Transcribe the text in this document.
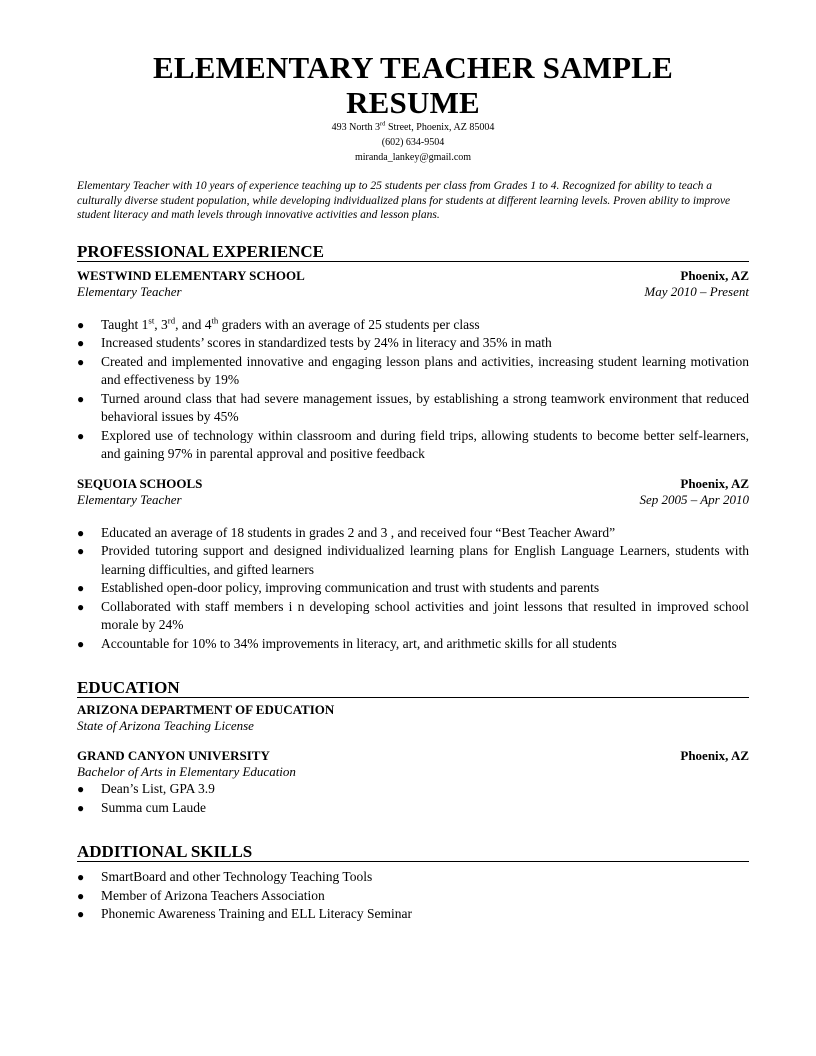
ELEMENTARY TEACHER SAMPLE
RESUME
493 North 3rd Street, Phoenix, AZ 85004
(602) 634-9504
miranda_lankey@gmail.com
Elementary Teacher with 10 years of experience teaching up to 25 students per class from Grades 1 to 4. Recognized for ability to teach a culturally diverse student population, while developing individualized plans for students at different learning levels. Proven ability to improve student literacy and math levels through innovative activities and lesson plans.
PROFESSIONAL EXPERIENCE
WESTWIND ELEMENTARY SCHOOL	Phoenix, AZ
Elementary Teacher	May 2010 – Present
● Taught 1st, 3rd, and 4th graders with an average of 25 students per class
● Increased students’ scores in standardized tests by 24% in literacy and 35% in math
● Created and implemented innovative and engaging lesson plans and activities, increasing student learning motivation and effectiveness by 19%
● Turned around class that had severe management issues, by establishing a strong teamwork environment that reduced behavioral issues by 45%
● Explored use of technology within classroom and during field trips, allowing students to become better self-learners, and gaining 97% in parental approval and positive feedback
SEQUOIA SCHOOLS	Phoenix, AZ
Elementary Teacher	Sep 2005 – Apr 2010
● Educated an average of 18 students in grades 2 and 3 , and received four “Best Teacher Award”
● Provided tutoring support and designed individualized learning plans for English Language Learners, students with learning difficulties, and gifted learners
● Established open-door policy, improving communication and trust with students and parents
● Collaborated with staff members i n developing school activities and joint lessons that resulted in improved school morale by 24%
● Accountable for 10% to 34% improvements in literacy, art, and arithmetic skills for all students
EDUCATION
ARIZONA DEPARTMENT OF EDUCATION
State of Arizona Teaching License
GRAND CANYON UNIVERSITY	Phoenix, AZ
Bachelor of Arts in Elementary Education
● Dean’s List, GPA 3.9
● Summa cum Laude
ADDITIONAL SKILLS
● SmartBoard and other Technology Teaching Tools
● Member of Arizona Teachers Association
● Phonemic Awareness Training and ELL Literacy Seminar
